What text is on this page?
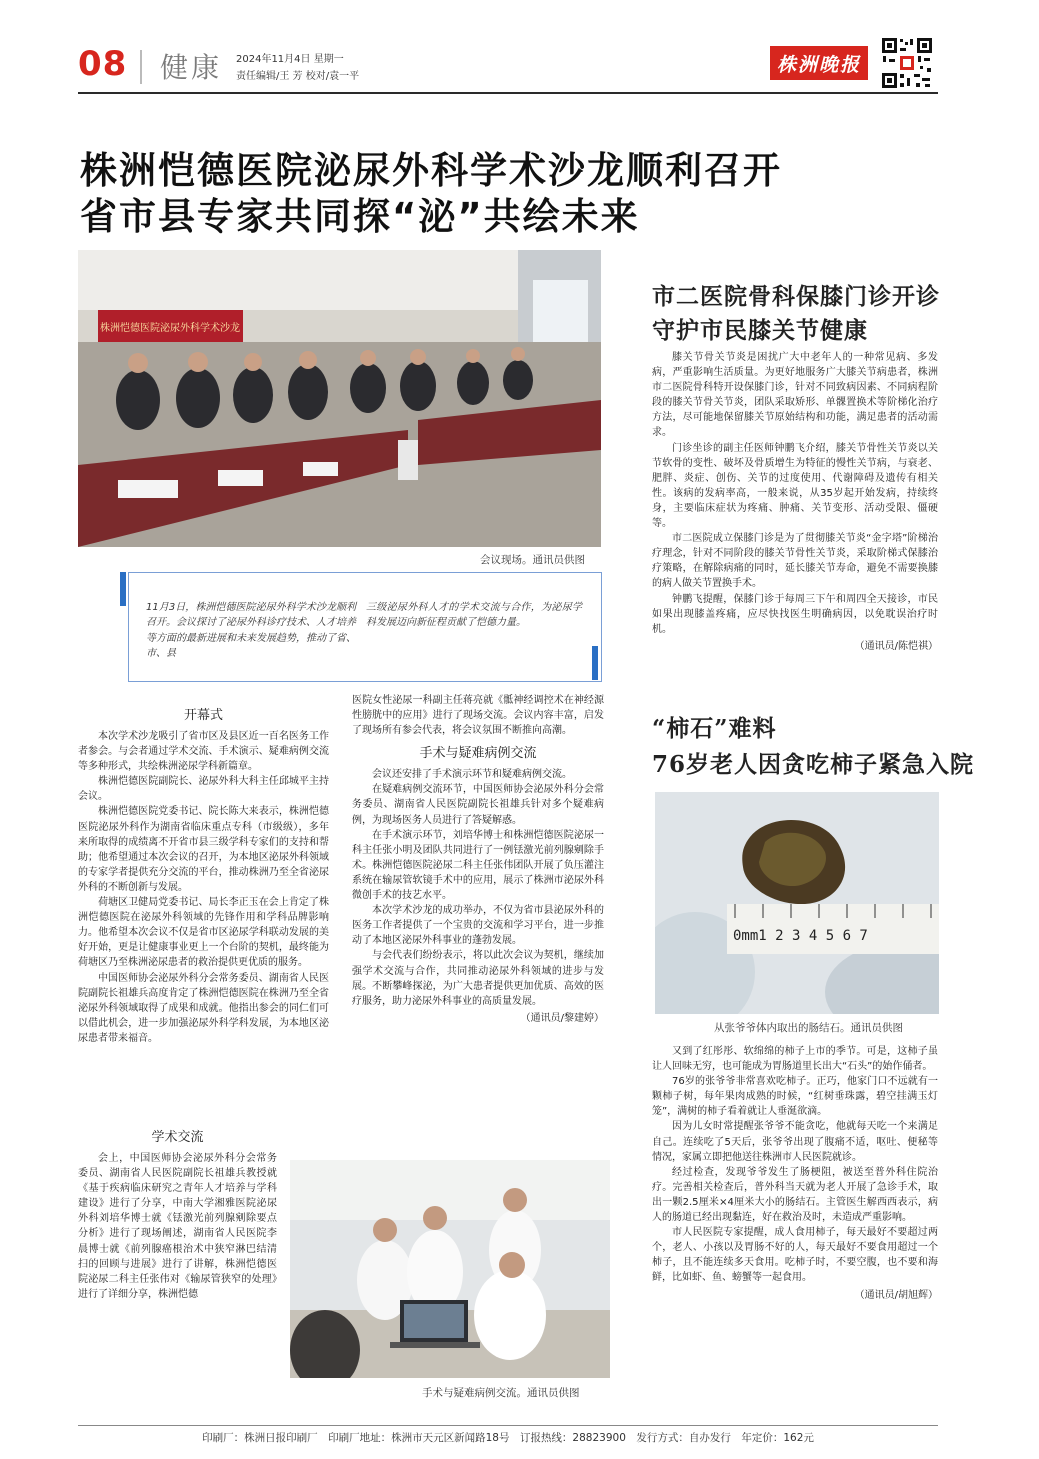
08 健康 2024年11月4日 星期一
责任编辑/王 芳 校对/袁一平
株洲晚报
株洲恺德医院泌尿外科学术沙龙顺利召开
省市县专家共同探“泌”共绘未来
株洲恺德医院泌尿外科学术沙龙
会议现场。通讯员供图
11月3日，株洲恺德医院泌尿外科学术沙龙顺利召开。会议探讨了泌尿外科诊疗技术、人才培养等方面的最新进展和未来发展趋势，推动了省、市、县
三级泌尿外科人才的学术交流与合作，为泌尿学科发展迈向新征程贡献了恺德力量。
开幕式

本次学术沙龙吸引了省市区及县区近一百名医务工作者参会。与会者通过学术交流、手术演示、疑难病例交流等多种形式，共绘株洲泌尿学科新篇章。

株洲恺德医院副院长、泌尿外科大科主任邱城平主持会议。

株洲恺德医院党委书记、院长陈大来表示，株洲恺德医院泌尿外科作为湖南省临床重点专科（市级级），多年来所取得的成绩离不开省市县三级学科专家们的支持和帮助；他希望通过本次会议的召开，为本地区泌尿外科领域的专家学者提供充分交流的平台，推动株洲乃至全省泌尿外科的不断创新与发展。

荷塘区卫健局党委书记、局长李正玉在会上肯定了株洲恺德医院在泌尿外科领域的先锋作用和学科品牌影响力。他希望本次会议不仅是省市区泌尿学科联动发展的美好开始，更是让健康事业更上一个台阶的契机，最终能为荷塘区乃至株洲泌尿患者的救治提供更优质的服务。

中国医师协会泌尿外科分会常务委员、湖南省人民医院副院长祖雄兵高度肯定了株洲恺德医院在株洲乃至全省泌尿外科领域取得了成果和成就。他指出参会的同仁们可以借此机会，进一步加强泌尿外科学科发展，为本地区泌尿患者带来福音。

学术交流

会上，中国医师协会泌尿外科分会常务委员、湖南省人民医院副院长祖雄兵教授就《基于疾病临床研究之青年人才培养与学科建设》进行了分享，中南大学湘雅医院泌尿外科刘培华博士就《铥激光前列腺剜除要点分析》进行了现场阐述，湖南省人民医院李晨博士就《前列腺癌根治术中狭窄淋巴结清扫的回顾与进展》进行了讲解，株洲恺德医院泌尿二科主任张伟对《输尿管狭窄的处理》进行了详细分享，株洲恺德

医院女性泌尿一科副主任蒋亮就《骶神经调控术在神经源性膀胱中的应用》进行了现场交流。会议内容丰富，启发了现场所有参会代表，将会议氛围不断推向高潮。

手术与疑难病例交流

会议还安排了手术演示环节和疑难病例交流。

在疑难病例交流环节，中国医师协会泌尿外科分会常务委员、湖南省人民医院副院长祖雄兵针对多个疑难病例，为现场医务人员进行了答疑解惑。

在手术演示环节，刘培华博士和株洲恺德医院泌尿一科主任张小明及团队共同进行了一例铥激光前列腺剜除手术。株洲恺德医院泌尿二科主任张伟团队开展了负压灌注系统在输尿管软镜手术中的应用，展示了株洲市泌尿外科微创手术的技艺水平。

本次学术沙龙的成功举办，不仅为省市县泌尿外科的医务工作者提供了一个宝贵的交流和学习平台，进一步推动了本地区泌尿外科事业的蓬勃发展。

与会代表们纷纷表示，将以此次会议为契机，继续加强学术交流与合作，共同推动泌尿外科领域的进步与发展。不断攀峰探泌，为广大患者提供更加优质、高效的医疗服务，助力泌尿外科事业的高质量发展。

（通讯员/黎建婷）

手术与疑难病例交流。通讯员供图
市二医院骨科保膝门诊开诊
守护市民膝关节健康

膝关节骨关节炎是困扰广大中老年人的一种常见病、多发病，严重影响生活质量。为更好地服务广大膝关节病患者，株洲市二医院骨科特开设保膝门诊，针对不同致病因素、不同病程阶段的膝关节骨关节炎，团队采取矫形、单髁置换术等阶梯化治疗方法，尽可能地保留膝关节原始结构和功能，满足患者的活动需求。

门诊坐诊的副主任医师钟鹏飞介绍，膝关节骨性关节炎以关节软骨的变性、破坏及骨质增生为特征的慢性关节病，与衰老、肥胖、炎症、创伤、关节的过度使用、代谢障碍及遗传有相关性。该病的发病率高，一般来说，从35岁起开始发病，持续终身，主要临床症状为疼痛、肿痛、关节变形、活动受限、僵硬等。

市二医院成立保膝门诊是为了贯彻膝关节炎“金字塔”阶梯治疗理念，针对不同阶段的膝关节骨性关节炎，采取阶梯式保膝治疗策略，在解除病痛的同时，延长膝关节寿命，避免不需要换膝的病人做关节置换手术。

钟鹏飞提醒，保膝门诊于每周三下午和周四全天接诊，市民如果出现膝盖疼痛，应尽快找医生明确病因，以免耽误治疗时机。

（通讯员/陈恺祺）

“柿石”难料
76岁老人因贪吃柿子紧急入院
0mm1 2 3 4 5 6 7
从张爷爷体内取出的肠结石。通讯员供图

又到了红彤彤、软绵绵的柿子上市的季节。可是，这柿子虽让人回味无穷，也可能成为胃肠道里长出大“石头”的始作俑者。

76岁的张爷爷非常喜欢吃柿子。正巧，他家门口不远就有一颗柿子树，每年果肉成熟的时候，“红树垂珠露，碧空挂满玉灯笼”，满树的柿子看着就让人垂涎欲滴。

因为儿女时常提醒张爷爷不能贪吃，他就每天吃一个来满足自己。连续吃了5天后，张爷爷出现了腹痛不适，呕吐、便秘等情况，家属立即把他送往株洲市人民医院就诊。

经过检查，发现爷爷发生了肠梗阻，被送至普外科住院治疗。完善相关检查后，普外科当天就为老人开展了急诊手术，取出一颗2.5厘米×4厘米大小的肠结石。主管医生解西西表示，病人的肠道已经出现黏连，好在救治及时，未造成严重影响。

市人民医院专家提醒，成人食用柿子，每天最好不要超过两个，老人、小孩以及胃肠不好的人，每天最好不要食用超过一个柿子，且不能连续多天食用。吃柿子时，不要空腹，也不要和海鲜，比如虾、鱼、螃蟹等一起食用。

（通讯员/胡旭辉）

印刷厂：株洲日报印刷厂　印刷厂地址：株洲市天元区新闻路18号　订报热线：28823900　发行方式：自办发行　年定价：162元
